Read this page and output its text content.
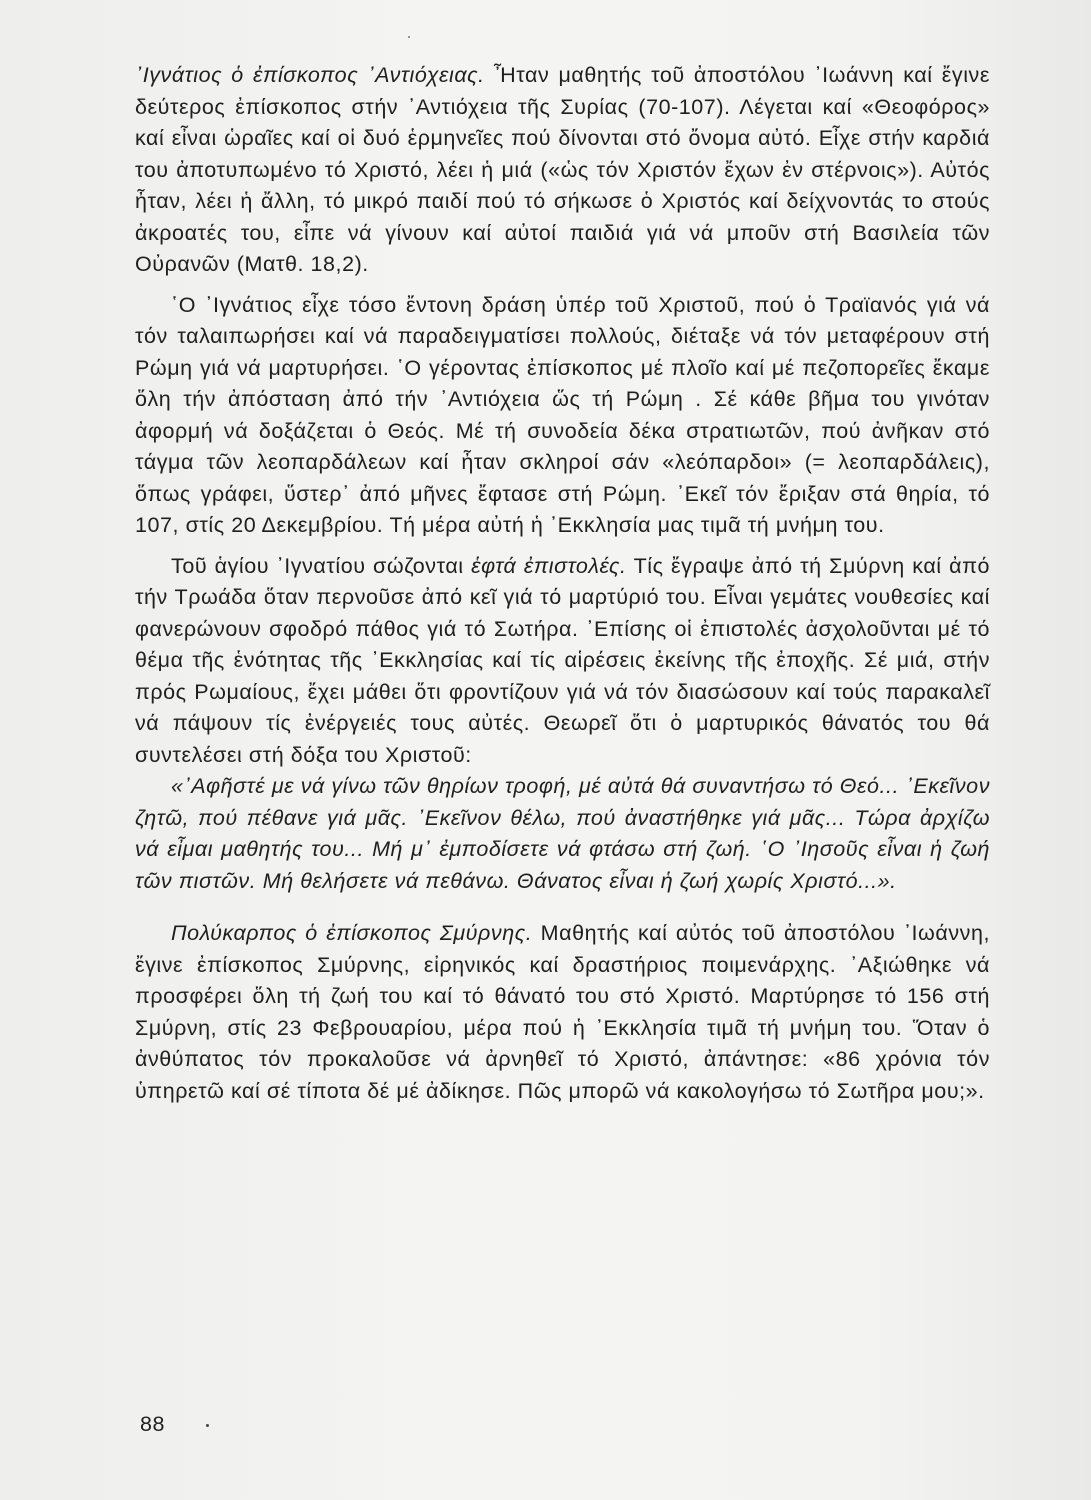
᾽Ιγνάτιος ὁ ἐπίσκοπος ᾽Αντιόχειας. Ἦταν μαθητής τοῦ ἀποστόλου ᾽Ιωάννη καί ἔγινε δεύτερος ἐπίσκοπος στήν ᾽Αντιόχεια τῆς Συρίας (70-107). Λέγεται καί «Θεοφόρος» καί εἶναι ὡραῖες καί οἱ δυό ἑρμηνεῖες πού δίνονται στό ὄνομα αὐτό. Εἶχε στήν καρδιά του ἀποτυπωμένο τό Χριστό, λέει ἡ μιά («ὡς τόν Χριστόν ἔχων ἐν στέρνοις»). Αὐτός ἦταν, λέει ἡ ἄλλη, τό μικρό παιδί πού τό σήκωσε ὁ Χριστός καί δείχνοντάς το στούς ἀκροατές του, εἶπε νά γίνουν καί αὐτοί παιδιά γιά νά μποῦν στή Βασιλεία τῶν Οὐρανῶν (Ματθ. 18,2).

῾Ο ᾽Ιγνάτιος εἶχε τόσο ἔντονη δράση ὑπέρ τοῦ Χριστοῦ, πού ὁ Τραϊανός γιά νά τόν ταλαιπωρήσει καί νά παραδειγματίσει πολλούς, διέταξε νά τόν μεταφέρουν στή Ρώμη γιά νά μαρτυρήσει. ῾Ο γέροντας ἐπίσκοπος μέ πλοῖο καί μέ πεζοπορεῖες ἔκαμε ὅλη τήν ἀπόσταση ἀπό τήν ᾽Αντιόχεια ὥς τή Ρώμη . Σέ κάθε βῆμα του γινόταν ἀφορμή νά δοξάζεται ὁ Θεός. Μέ τή συνοδεία δέκα στρατιωτῶν, πού ἀνῆκαν στό τάγμα τῶν λεοπαρδάλεων καί ἦταν σκληροί σάν «λεόπαρδοι» (= λεοπαρδάλεις), ὅπως γράφει, ὕστερ᾽ ἀπό μῆνες ἔφτασε στή Ρώμη. ᾽Εκεῖ τόν ἔριξαν στά θηρία, τό 107, στίς 20 Δεκεμβρίου. Τή μέρα αὐτή ἡ ᾽Εκκλησία μας τιμᾶ τή μνήμη του.

Τοῦ ἁγίου ᾽Ιγνατίου σώζονται ἑφτά ἐπιστολές. Τίς ἔγραψε ἀπό τή Σμύρνη καί ἀπό τήν Τρωάδα ὅταν περνοῦσε ἀπό κεῖ γιά τό μαρτύριό του. Εἶναι γεμάτες νουθεσίες καί φανερώνουν σφοδρό πάθος γιά τό Σωτήρα. ᾽Επίσης οἱ ἐπιστολές ἀσχολοῦνται μέ τό θέμα τῆς ἑνότητας τῆς ᾽Εκκλησίας καί τίς αἱρέσεις ἐκείνης τῆς ἐποχῆς. Σέ μιά, στήν πρός Ρωμαίους, ἔχει μάθει ὅτι φροντίζουν γιά νά τόν διασώσουν καί τούς παρακαλεῖ νά πάψουν τίς ἐνέργειές τους αὐτές. Θεωρεῖ ὅτι ὁ μαρτυρικός θάνατός του θά συντελέσει στή δόξα του Χριστοῦ:

«᾽Αφῆστέ με νά γίνω τῶν θηρίων τροφή, μέ αὐτά θά συναντήσω τό Θεό... ᾽Εκεῖνον ζητῶ, πού πέθανε γιά μᾶς. ᾽Εκεῖνον θέλω, πού ἀναστήθηκε γιά μᾶς... Τώρα ἀρχίζω νά εἶμαι μαθητής του... Μή μ᾽ ἐμποδίσετε νά φτάσω στή ζωή. ῾Ο ᾽Ιησοῦς εἶναι ἡ ζωή τῶν πιστῶν. Μή θελήσετε νά πεθάνω. Θάνατος εἶναι ἡ ζωή χωρίς Χριστό...».

Πολύκαρπος ὁ ἐπίσκοπος Σμύρνης. Μαθητής καί αὐτός τοῦ ἀποστόλου ᾽Ιωάννη, ἔγινε ἐπίσκοπος Σμύρνης, εἰρηνικός καί δραστήριος ποιμενάρχης. ᾽Αξιώθηκε νά προσφέρει ὅλη τή ζωή του καί τό θάνατό του στό Χριστό. Μαρτύρησε τό 156 στή Σμύρνη, στίς 23 Φεβρουαρίου, μέρα πού ἡ ᾽Εκκλησία τιμᾶ τή μνήμη του. Ὅταν ὁ ἀνθύπατος τόν προκαλοῦσε νά ἀρνηθεῖ τό Χριστό, ἀπάντησε: «86 χρόνια τόν ὑπηρετῶ καί σέ τίποτα δέ μέ ἀδίκησε. Πῶς μπορῶ νά κακολογήσω τό Σωτῆρα μου;».

88
